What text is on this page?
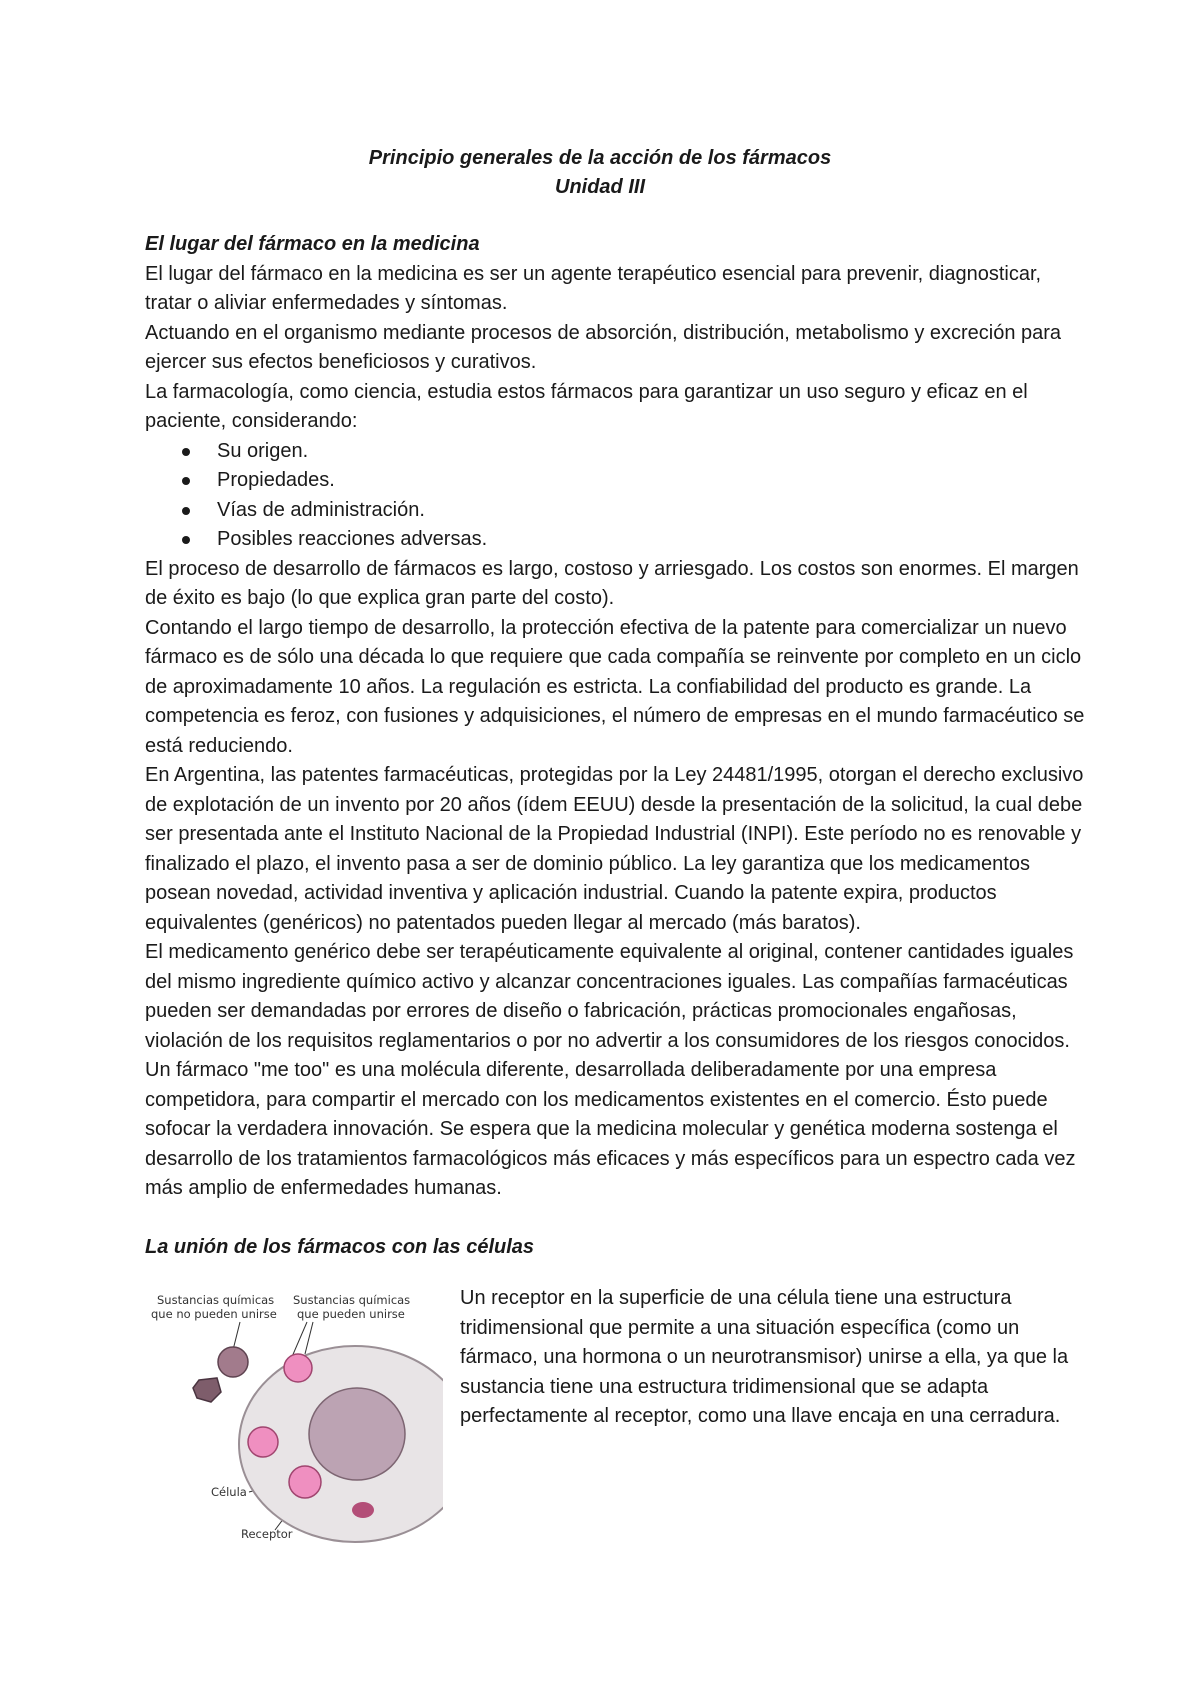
Principio generales de la acción de los fármacos
Unidad III
El lugar del fármaco en la medicina

El lugar del fármaco en la medicina es ser un agente terapéutico esencial para prevenir, diagnosticar, tratar o aliviar enfermedades y síntomas.

Actuando en el organismo mediante procesos de absorción, distribución, metabolismo y excreción para ejercer sus efectos beneficiosos y curativos.

La farmacología, como ciencia, estudia estos fármacos para garantizar un uso seguro y eficaz en el paciente, considerando:

Su origen.
Propiedades.
Vías de administración.
Posibles reacciones adversas.

El proceso de desarrollo de fármacos es largo, costoso y arriesgado. Los costos son enormes. El margen de éxito es bajo (lo que explica gran parte del costo).

Contando el largo tiempo de desarrollo, la protección efectiva de la patente para comercializar un nuevo fármaco es de sólo una década lo que requiere que cada compañía se reinvente por completo en un ciclo de aproximadamente 10 años. La regulación es estricta. La confiabilidad del producto es grande. La competencia es feroz, con fusiones y adquisiciones, el número de empresas en el mundo farmacéutico se está reduciendo.

En Argentina, las patentes farmacéuticas, protegidas por la Ley 24481/1995, otorgan el derecho exclusivo de explotación de un invento por 20 años (ídem EEUU) desde la presentación de la solicitud, la cual debe ser presentada ante el Instituto Nacional de la Propiedad Industrial (INPI). Este período no es renovable y finalizado el plazo, el invento pasa a ser de dominio público. La ley garantiza que los medicamentos posean novedad, actividad inventiva y aplicación industrial. Cuando la patente expira, productos equivalentes (genéricos) no patentados pueden llegar al mercado (más baratos).

El medicamento genérico debe ser terapéuticamente equivalente al original, contener cantidades iguales del mismo ingrediente químico activo y alcanzar concentraciones iguales. Las compañías farmacéuticas pueden ser demandadas por errores de diseño o fabricación, prácticas promocionales engañosas, violación de los requisitos reglamentarios o por no advertir a los consumidores de los riesgos conocidos. Un fármaco "me too" es una molécula diferente, desarrollada deliberadamente por una empresa competidora, para compartir el mercado con los medicamentos existentes en el comercio. Ésto puede sofocar la verdadera innovación. Se espera que la medicina molecular y genética moderna sostenga el desarrollo de los tratamientos farmacológicos más eficaces y más específicos para un espectro cada vez más amplio de enfermedades humanas.

La unión de los fármacos con las células
Sustancias químicas
que no pueden unirse
Sustancias químicas
que pueden unirse
Célula
Receptor
Un receptor en la superficie de una célula tiene una estructura tridimensional que permite a una situación específica (como un fármaco, una hormona o un neurotransmisor) unirse a ella, ya que la sustancia tiene una estructura tridimensional que se adapta perfectamente al receptor, como una llave encaja en una cerradura.
